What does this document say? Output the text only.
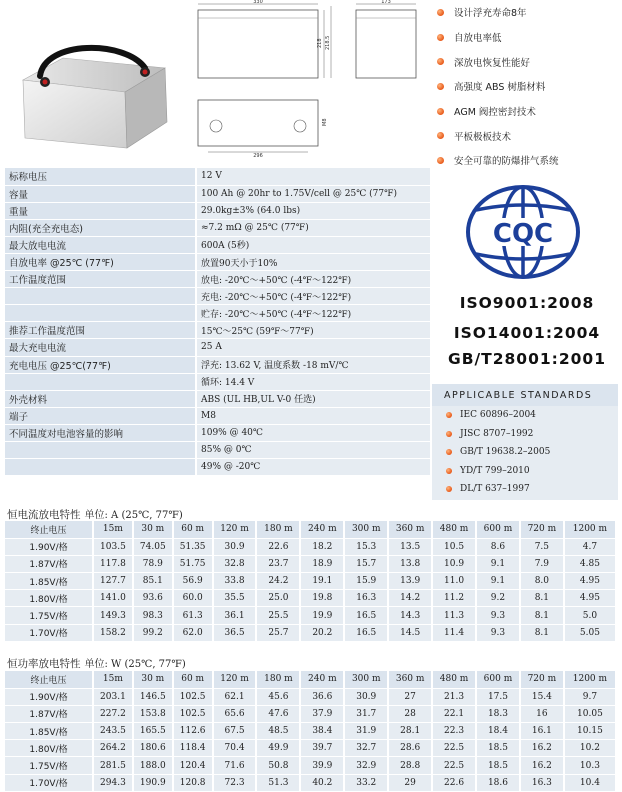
330
218 218.5
173
296
M8
设计浮充寿命8年
自放电率低
深放电恢复性能好
高强度 ABS 树脂材料
AGM 阀控密封技术
平板极板技术
安全可靠的防爆排气系统
标称电压	12 V
容量	100 Ah @ 20hr to 1.75V/cell @ 25℃ (77℉)
重量	29.0kg±3% (64.0 lbs)
内阻(充全充电态)	≈7.2 mΩ @ 25℃ (77℉)
最大放电电流	600A (5秒)
自放电率 @25℃ (77℉)	放置90天小于10%
工作温度范围	放电: -20℃～+50℃ (-4℉～122℉)
	充电: -20℃～+50℃ (-4℉～122℉)
	贮存: -20℃～+50℃ (-4℉～122℉)
推荐工作温度范围	15℃～25℃ (59℉～77℉)
最大充电电流	25 A
充电电压 @25℃(77℉)	浮充: 13.62 V, 温度系数 -18 mV/℃
	循环: 14.4 V
外壳材料	ABS (UL HB,UL V-0 任选)
端子	M8
不同温度对电池容量的影响	109% @ 40℃
	85% @ 0℃
	49% @ -20℃
CQC
ISO9001:2008
ISO14001:2004
GB/T28001:2001
APPLICABLE STANDARDS
IEC 60896–2004
JISC 8707–1992
GB/T 19638.2–2005
YD/T 799–2010
DL/T 637–1997
恒电流放电特性 单位: A (25℃, 77℉)
终止电压	15m	30 m	60 m	120 m	180 m	240 m	300 m	360 m	480 m	600 m	720 m	1200 m
1.90V/格	103.5	74.05	51.35	30.9	22.6	18.2	15.3	13.5	10.5	8.6	7.5	4.7
1.87V/格	117.8	78.9	51.75	32.8	23.7	18.9	15.7	13.8	10.9	9.1	7.9	4.85
1.85V/格	127.7	85.1	56.9	33.8	24.2	19.1	15.9	13.9	11.0	9.1	8.0	4.95
1.80V/格	141.0	93.6	60.0	35.5	25.0	19.8	16.3	14.2	11.2	9.2	8.1	4.95
1.75V/格	149.3	98.3	61.3	36.1	25.5	19.9	16.5	14.3	11.3	9.3	8.1	5.0
1.70V/格	158.2	99.2	62.0	36.5	25.7	20.2	16.5	14.5	11.4	9.3	8.1	5.05
恒功率放电特性 单位: W (25℃, 77℉)
终止电压	15m	30 m	60 m	120 m	180 m	240 m	300 m	360 m	480 m	600 m	720 m	1200 m
1.90V/格	203.1	146.5	102.5	62.1	45.6	36.6	30.9	27	21.3	17.5	15.4	9.7
1.87V/格	227.2	153.8	102.5	65.6	47.6	37.9	31.7	28	22.1	18.3	16	10.05
1.85V/格	243.5	165.5	112.6	67.5	48.5	38.4	31.9	28.1	22.3	18.4	16.1	10.15
1.80V/格	264.2	180.6	118.4	70.4	49.9	39.7	32.7	28.6	22.5	18.5	16.2	10.2
1.75V/格	281.5	188.0	120.4	71.6	50.8	39.9	32.9	28.8	22.5	18.5	16.2	10.3
1.70V/格	294.3	190.9	120.8	72.3	51.3	40.2	33.2	29	22.6	18.6	16.3	10.4
